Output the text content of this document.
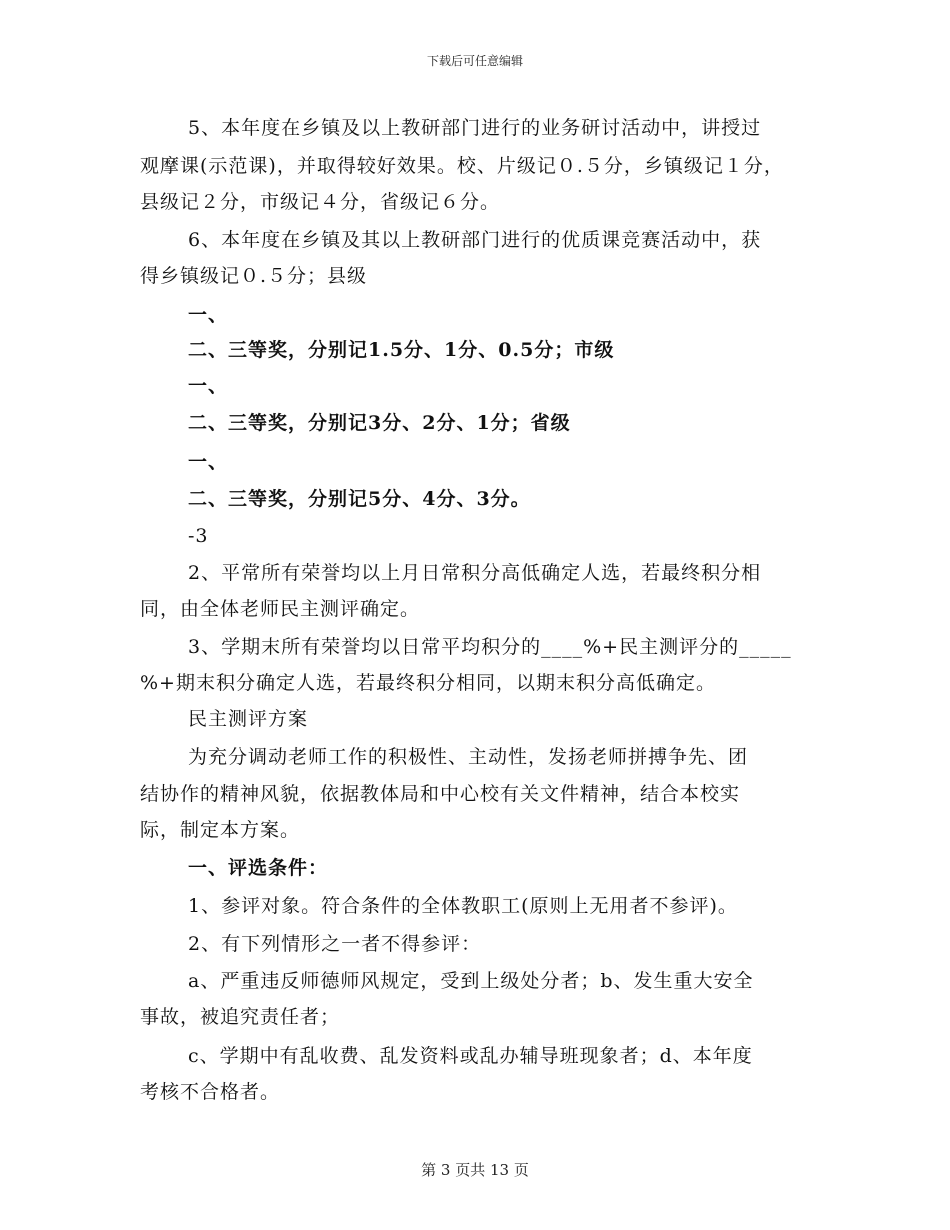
下载后可任意编辑
5、本年度在乡镇及以上教研部门进行的业务研讨活动中，讲授过
观摩课(示范课)，并取得较好效果。校、片级记０.５分，乡镇级记１分，
县级记２分，市级记４分，省级记６分。
6、本年度在乡镇及其以上教研部门进行的优质课竞赛活动中，获
得乡镇级记０.５分；县级
一、
二、三等奖，分别记1.5分、1分、0.5分；市级
一、
二、三等奖，分别记3分、2分、1分；省级
一、
二、三等奖，分别记5分、4分、3分。
-3
2、平常所有荣誉均以上月日常积分高低确定人选，若最终积分相
同，由全体老师民主测评确定。
3、学期末所有荣誉均以日常平均积分的____%+民主测评分的_____
%+期末积分确定人选，若最终积分相同，以期末积分高低确定。
民主测评方案
为充分调动老师工作的积极性、主动性，发扬老师拼搏争先、团
结协作的精神风貌，依据教体局和中心校有关文件精神，结合本校实
际，制定本方案。
一、评选条件：
1、参评对象。符合条件的全体教职工(原则上无用者不参评)。
2、有下列情形之一者不得参评：
a、严重违反师德师风规定，受到上级处分者；b、发生重大安全
事故，被追究责任者；
c、学期中有乱收费、乱发资料或乱办辅导班现象者；d、本年度
考核不合格者。
第 3 页共 13 页
